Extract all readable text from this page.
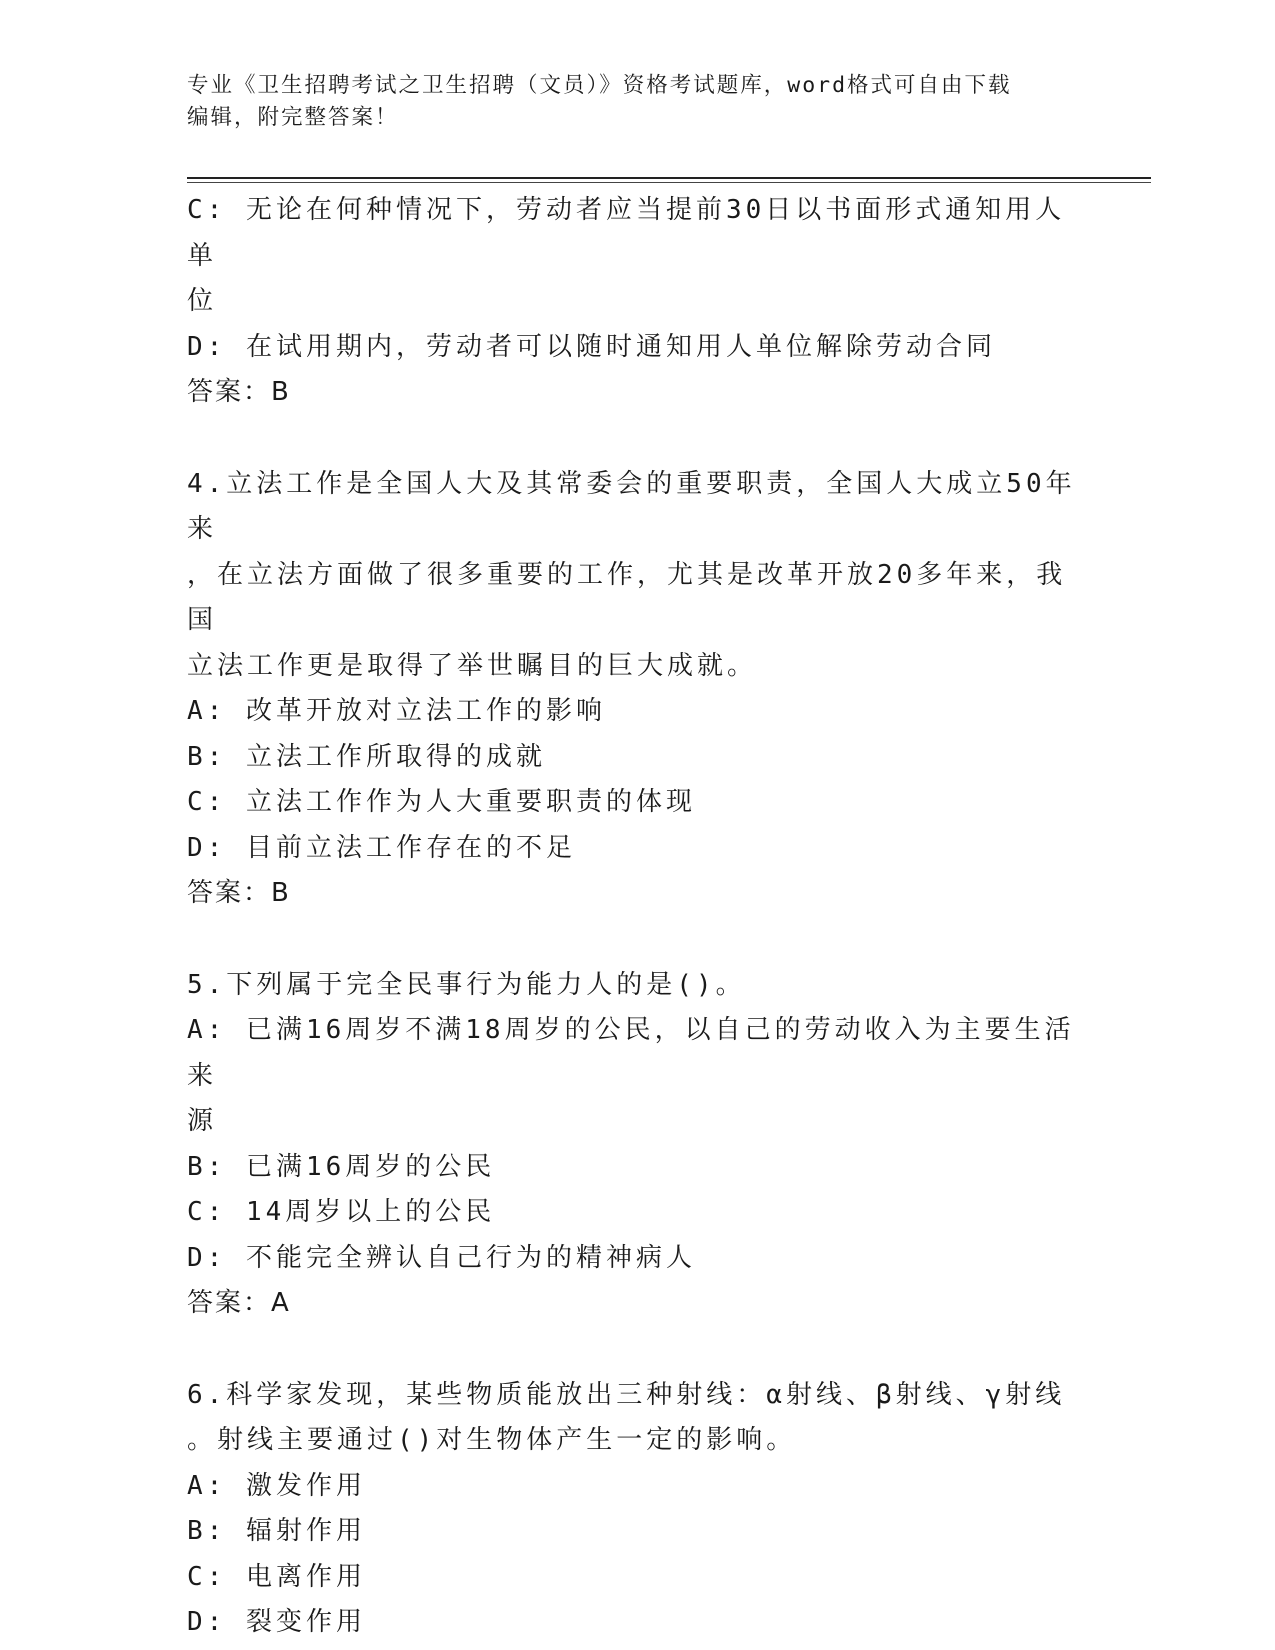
专业《卫生招聘考试之卫生招聘（文员）》资格考试题库，word格式可自由下载
编辑，附完整答案！

C: 无论在何种情况下，劳动者应当提前30日以书面形式通知用人单

位

D: 在试用期内，劳动者可以随时通知用人单位解除劳动合同

答案：B

4.立法工作是全国人大及其常委会的重要职责，全国人大成立50年来

，在立法方面做了很多重要的工作，尤其是改革开放20多年来，我国

立法工作更是取得了举世瞩目的巨大成就。

A: 改革开放对立法工作的影响

B: 立法工作所取得的成就

C: 立法工作作为人大重要职责的体现

D: 目前立法工作存在的不足

答案：B

5.下列属于完全民事行为能力人的是()。

A: 已满16周岁不满18周岁的公民，以自己的劳动收入为主要生活来

源

B: 已满16周岁的公民

C: 14周岁以上的公民

D: 不能完全辨认自己行为的精神病人

答案：A

6.科学家发现，某些物质能放出三种射线：α射线、β射线、γ射线

。射线主要通过()对生物体产生一定的影响。

A: 激发作用

B: 辐射作用

C: 电离作用

D: 裂变作用
